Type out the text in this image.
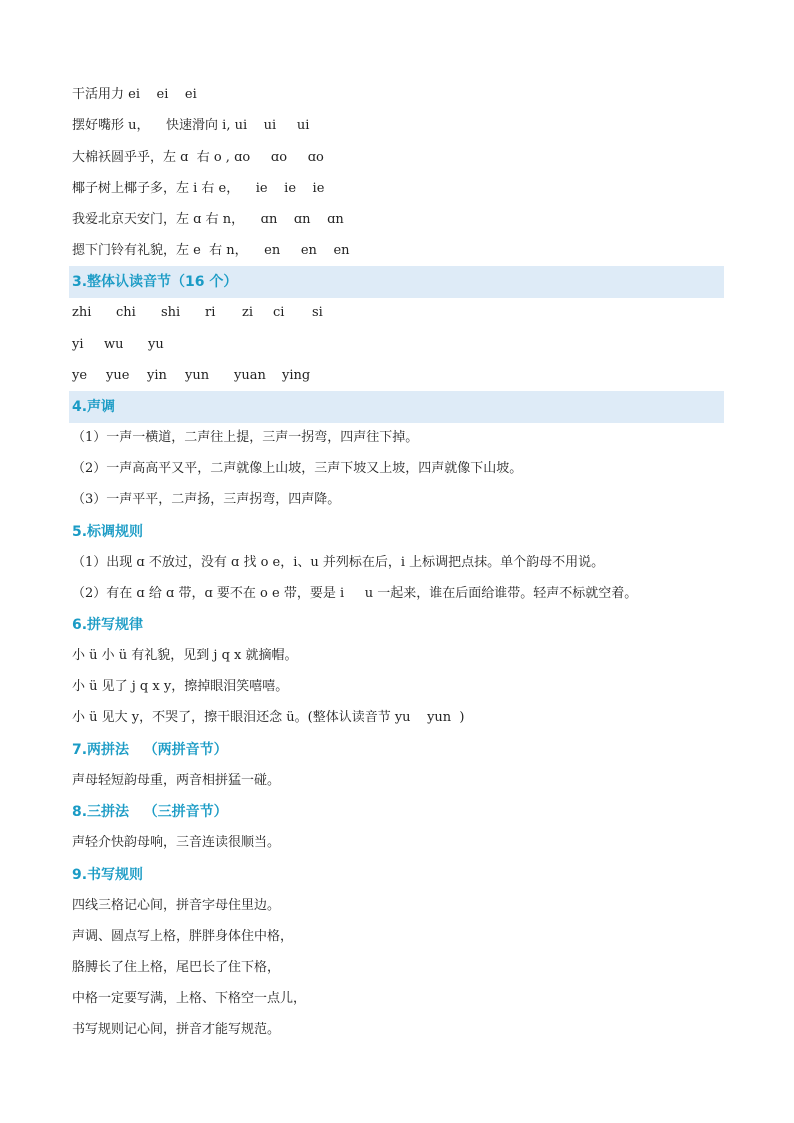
干活用力 ei    ei    ei
摆好嘴形 u，    快速滑向 i, ui    ui     ui
大棉袄圆乎乎，左 ɑ  右 o , ɑo     ɑo     ɑo
椰子树上椰子多，左 i 右 e，    ie    ie    ie
我爱北京天安门，左 ɑ 右 n，    ɑn    ɑn    ɑn
摁下门铃有礼貌，左 e  右 n，    en     en    en
3.整体认读音节（16 个）
zhi chi shi ri zi ci si
yi wu yu
ye yue yin yun yuan ying
4.声调
（1）一声一横道，二声往上提，三声一拐弯，四声往下掉。
（2）一声高高平又平，二声就像上山坡，三声下坡又上坡，四声就像下山坡。
（3）一声平平，二声扬，三声拐弯，四声降。
5.标调规则
（1）出现 ɑ 不放过，没有 ɑ 找 o e，i、u 并列标在后，i 上标调把点抹。单个韵母不用说。
（2）有在 ɑ 给 ɑ 带，ɑ 要不在 o e 带，要是 i     u 一起来，谁在后面给谁带。轻声不标就空着。
6.拼写规律
小 ü 小 ü 有礼貌，见到 j q x 就摘帽。
小 ü 见了 j q x y，擦掉眼泪笑嘻嘻。
小 ü 见大 y，不哭了，擦干眼泪还念 ü。(整体认读音节 yu    yun  )
7.两拼法   （两拼音节）
声母轻短韵母重，两音相拼猛一碰。
8.三拼法   （三拼音节）
声轻介快韵母响，三音连读很顺当。
9.书写规则
四线三格记心间，拼音字母住里边。
声调、圆点写上格，胖胖身体住中格，
胳膊长了住上格，尾巴长了住下格，
中格一定要写满，上格、下格空一点儿，
书写规则记心间，拼音才能写规范。
